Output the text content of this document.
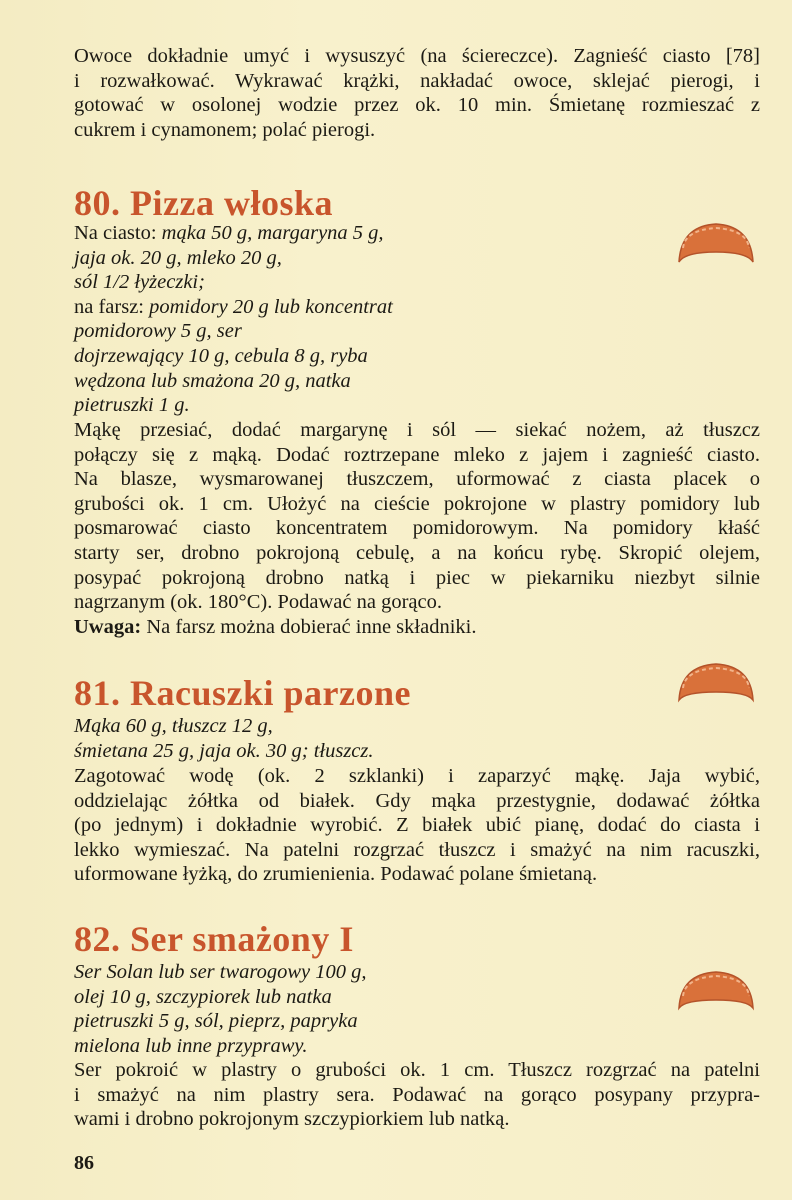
Owoce dokładnie umyć i wysuszyć (na ściereczce). Zagnieść ciasto [78]
i rozwałkować. Wykrawać krążki, nakładać owoce, sklejać pierogi, i
gotować w osolonej wodzie przez ok. 10 min. Śmietanę rozmieszać z
cukrem i cynamonem; polać pierogi.
80. Pizza włoska
Na ciasto: mąka 50 g, margaryna 5 g,
jaja ok. 20 g, mleko 20 g,
sól 1/2 łyżeczki;
na farsz: pomidory 20 g lub koncentrat
pomidorowy 5 g, ser
dojrzewający 10 g, cebula 8 g, ryba
wędzona lub smażona 20 g, natka
pietruszki 1 g.
Mąkę przesiać, dodać margarynę i sól — siekać nożem, aż tłuszcz
połączy się z mąką. Dodać roztrzepane mleko z jajem i zagnieść ciasto.
Na blasze, wysmarowanej tłuszczem, uformować z ciasta placek o
grubości ok. 1 cm. Ułożyć na cieście pokrojone w plastry pomidory lub
posmarować ciasto koncentratem pomidorowym. Na pomidory kłaść
starty ser, drobno pokrojoną cebulę, a na końcu rybę. Skropić olejem,
posypać pokrojoną drobno natką i piec w piekarniku niezbyt silnie
nagrzanym (ok. 180°C). Podawać na gorąco.
Uwaga: Na farsz można dobierać inne składniki.
81. Racuszki parzone
Mąka 60 g, tłuszcz 12 g,
śmietana 25 g, jaja ok. 30 g; tłuszcz.
Zagotować wodę (ok. 2 szklanki) i zaparzyć mąkę. Jaja wybić,
oddzielając żółtka od białek. Gdy mąka przestygnie, dodawać żółtka
(po jednym) i dokładnie wyrobić. Z białek ubić pianę, dodać do ciasta i
lekko wymieszać. Na patelni rozgrzać tłuszcz i smażyć na nim racuszki,
uformowane łyżką, do zrumienienia. Podawać polane śmietaną.
82. Ser smażony I
Ser Solan lub ser twarogowy 100 g,
olej 10 g, szczypiorek lub natka
pietruszki 5 g, sól, pieprz, papryka
mielona lub inne przyprawy.
Ser pokroić w plastry o grubości ok. 1 cm. Tłuszcz rozgrzać na patelni
i smażyć na nim plastry sera. Podawać na gorąco posypany przypra-
wami i drobno pokrojonym szczypiorkiem lub natką.
86
